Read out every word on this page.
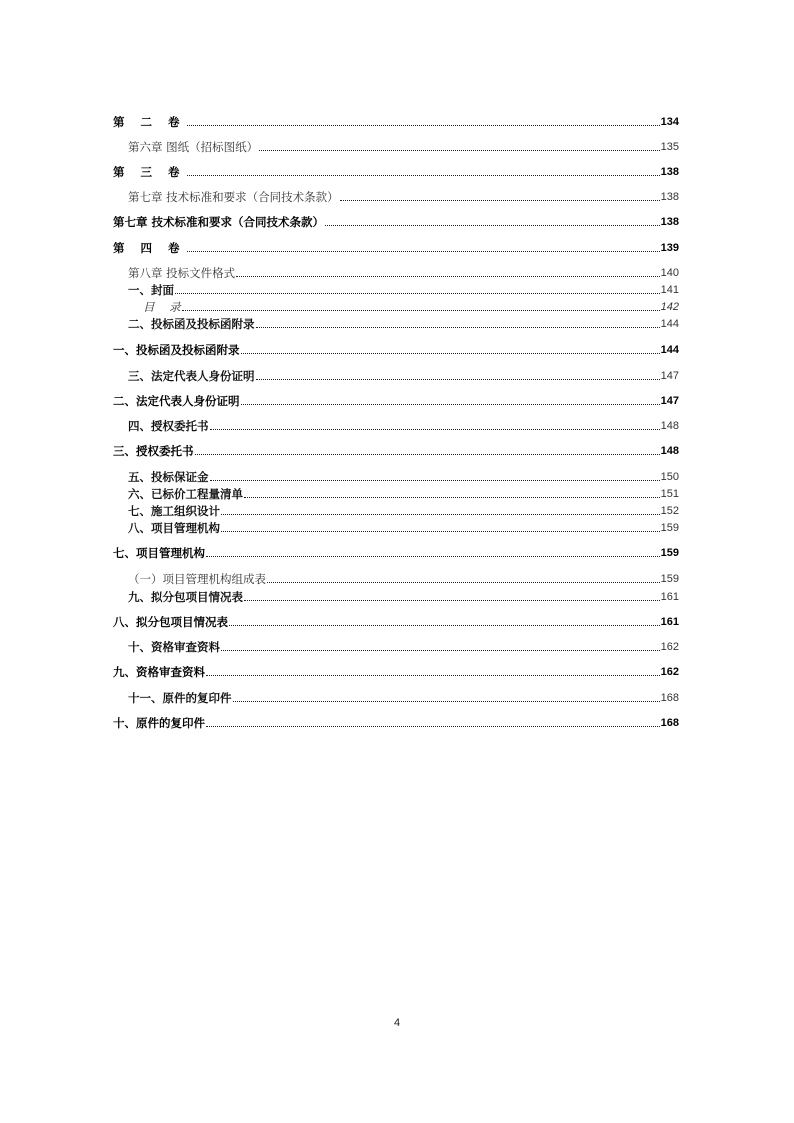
第 二 卷	134
第六章 图纸（招标图纸）	135
第 三 卷	138
第七章 技术标准和要求（合同技术条款）	138
第七章 技术标准和要求（合同技术条款）	138
第 四 卷	139
第八章 投标文件格式	140
一、封面	141
目    录	142
二、投标函及投标函附录	144
一、投标函及投标函附录	144
三、法定代表人身份证明	147
二、法定代表人身份证明	147
四、授权委托书	148
三、授权委托书	148
五、投标保证金	150
六、已标价工程量清单	151
七、施工组织设计	152
八、项目管理机构	159
七、项目管理机构	159
（一）项目管理机构组成表	159
九、拟分包项目情况表	161
八、拟分包项目情况表	161
十、资格审查资料	162
九、资格审查资料	162
十一、原件的复印件	168
十、原件的复印件	168
4
